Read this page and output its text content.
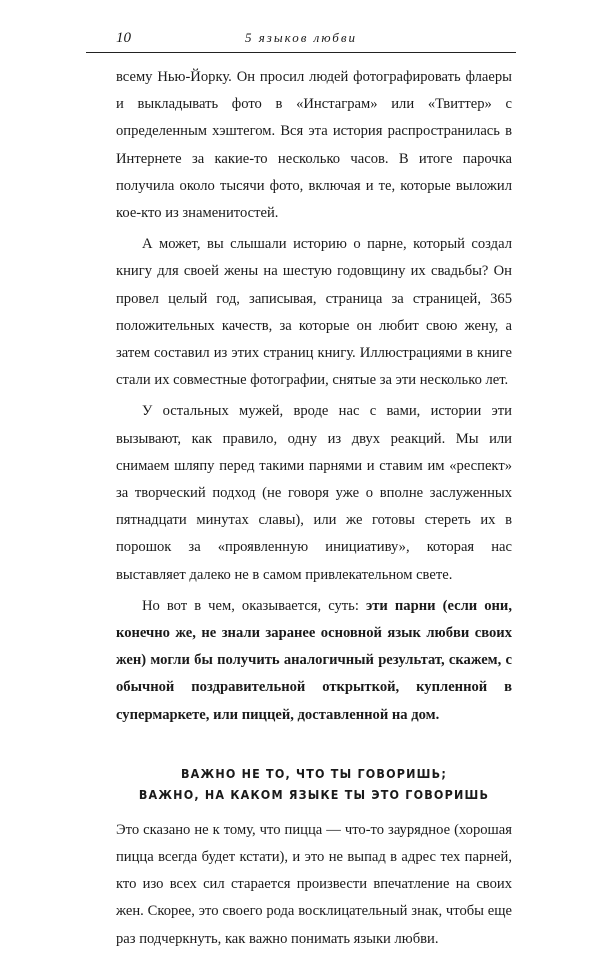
10	5 языков любви

всему Нью-Йорку. Он просил людей фотографировать флаеры и выкладывать фото в «Инстаграм» или «Твиттер» с определенным хэштегом. Вся эта история распространилась в Интернете за какие-то несколько часов. В итоге парочка получила около тысячи фото, включая и те, которые выложил кое-кто из знаменитостей.

А может, вы слышали историю о парне, который создал книгу для своей жены на шестую годовщину их свадьбы? Он провел целый год, записывая, страница за страницей, 365 положительных качеств, за которые он любит свою жену, а затем составил из этих страниц книгу. Иллюстрациями в книге стали их совместные фотографии, снятые за эти несколько лет.

У остальных мужей, вроде нас с вами, истории эти вызывают, как правило, одну из двух реакций. Мы или снимаем шляпу перед такими парнями и ставим им «респект» за творческий подход (не говоря уже о вполне заслуженных пятнадцати минутах славы), или же готовы стереть их в порошок за «проявленную инициативу», которая нас выставляет далеко не в самом привлекательном свете.

Но вот в чем, оказывается, суть: эти парни (если они, конечно же, не знали заранее основной язык любви своих жен) могли бы получить аналогичный результат, скажем, с обычной поздравительной открыткой, купленной в супермаркете, или пиццей, доставленной на дом.

ВАЖНО НЕ ТО, ЧТО ТЫ ГОВОРИШЬ;
ВАЖНО, НА КАКОМ ЯЗЫКЕ ТЫ ЭТО ГОВОРИШЬ

Это сказано не к тому, что пицца — что-то заурядное (хорошая пицца всегда будет кстати), и это не выпад в адрес тех парней, кто изо всех сил старается произвести впечатление на своих жен. Скорее, это своего рода восклицательный знак, чтобы еще раз подчеркнуть, как важно понимать языки любви.
